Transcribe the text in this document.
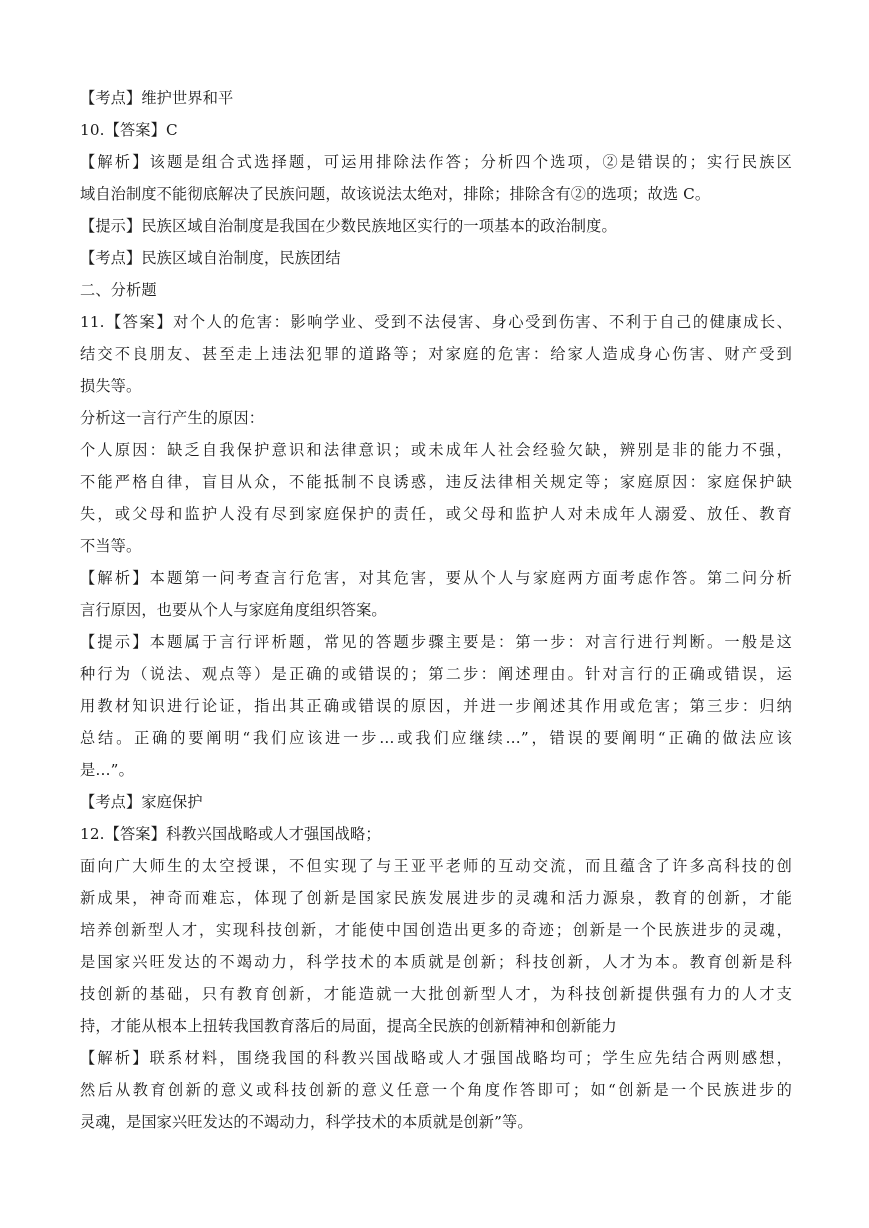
【考点】维护世界和平
10.【答案】C
【解析】该题是组合式选择题，可运用排除法作答；分析四个选项，②是错误的；实行民族区
域自治制度不能彻底解决了民族问题，故该说法太绝对，排除；排除含有②的选项；故选 C。
【提示】民族区域自治制度是我国在少数民族地区实行的一项基本的政治制度。
【考点】民族区域自治制度，民族团结
二、分析题
11.【答案】对个人的危害：影响学业、受到不法侵害、身心受到伤害、不利于自己的健康成长、
结交不良朋友、甚至走上违法犯罪的道路等；对家庭的危害：给家人造成身心伤害、财产受到
损失等。
分析这一言行产生的原因：
个人原因：缺乏自我保护意识和法律意识；或未成年人社会经验欠缺，辨别是非的能力不强，
不能严格自律，盲目从众，不能抵制不良诱惑，违反法律相关规定等；家庭原因：家庭保护缺
失，或父母和监护人没有尽到家庭保护的责任，或父母和监护人对未成年人溺爱、放任、教育
不当等。
【解析】本题第一问考查言行危害，对其危害，要从个人与家庭两方面考虑作答。第二问分析
言行原因，也要从个人与家庭角度组织答案。
【提示】本题属于言行评析题，常见的答题步骤主要是：第一步：对言行进行判断。一般是这
种行为（说法、观点等）是正确的或错误的；第二步：阐述理由。针对言行的正确或错误，运
用教材知识进行论证，指出其正确或错误的原因，并进一步阐述其作用或危害；第三步：归纳
总结。正确的要阐明“我们应该进一步…或我们应继续…”，错误的要阐明“正确的做法应该
是…”。
【考点】家庭保护
12.【答案】科教兴国战略或人才强国战略；
面向广大师生的太空授课，不但实现了与王亚平老师的互动交流，而且蕴含了许多高科技的创
新成果，神奇而难忘，体现了创新是国家民族发展进步的灵魂和活力源泉，教育的创新，才能
培养创新型人才，实现科技创新，才能使中国创造出更多的奇迹；创新是一个民族进步的灵魂，
是国家兴旺发达的不竭动力，科学技术的本质就是创新；科技创新，人才为本。教育创新是科
技创新的基础，只有教育创新，才能造就一大批创新型人才，为科技创新提供强有力的人才支
持，才能从根本上扭转我国教育落后的局面，提高全民族的创新精神和创新能力
【解析】联系材料，围绕我国的科教兴国战略或人才强国战略均可；学生应先结合两则感想，
然后从教育创新的意义或科技创新的意义任意一个角度作答即可；如“创新是一个民族进步的
灵魂，是国家兴旺发达的不竭动力，科学技术的本质就是创新”等。
